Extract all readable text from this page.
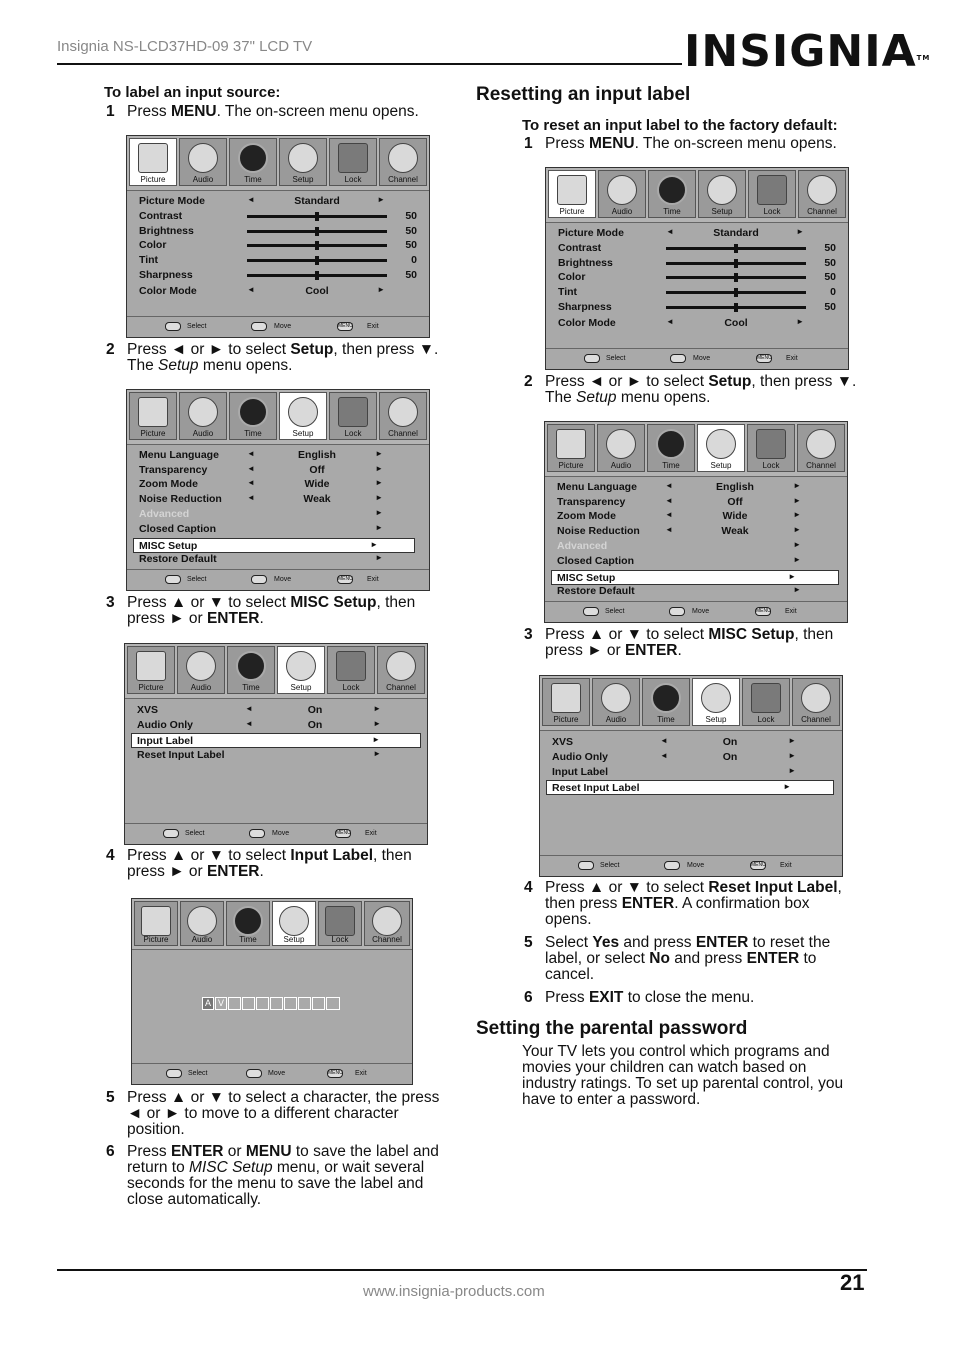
Insignia NS-LCD37HD-09 37" LCD TV	INSIGNIA™
To label an input source:
1 Press MENU. The on-screen menu opens.
Picture	Audio	Time	Setup	Lock	Channel
Picture Mode	◄	Standard	►
Contrast	50
Brightness	50
Color	50
Tint	0
Sharpness	50
Color Mode	◄	Cool	►
Select	Move	MENU Exit
2 Press ◄ or ► to select Setup, then press ▼.
The Setup menu opens.
Picture	Audio	Time	Setup	Lock	Channel
Menu Language	◄	English	►
Transparency	◄	Off	►
Zoom Mode	◄	Wide	►
Noise Reduction	◄	Weak	►
Advanced	►
Closed Caption	►
MISC Setup	►
Restore Default	►
Select	Move	MENU Exit
3 Press ▲ or ▼ to select MISC Setup, then
press ► or ENTER.
Picture	Audio	Time	Setup	Lock	Channel
XVS	◄	On	►
Audio Only	◄	On	►
Input Label	►
Reset Input Label	►
Select	Move	MENU Exit
4 Press ▲ or ▼ to select Input Label, then
press ► or ENTER.
Picture	Audio	Time	Setup	Lock	Channel
A V
Select	Move	MENU Exit
5 Press ▲ or ▼ to select a character, the press
◄ or ► to move to a different character
position.
6 Press ENTER or MENU to save the label and
return to MISC Setup menu, or wait several
seconds for the menu to save the label and
close automatically.
Resetting an input label
To reset an input label to the factory default:
1 Press MENU. The on-screen menu opens.
Picture	Audio	Time	Setup	Lock	Channel
Picture Mode	◄	Standard	►
Contrast	50
Brightness	50
Color	50
Tint	0
Sharpness	50
Color Mode	◄	Cool	►
Select	Move	MENU Exit
2 Press ◄ or ► to select Setup, then press ▼.
The Setup menu opens.
Picture	Audio	Time	Setup	Lock	Channel
Menu Language	◄	English	►
Transparency	◄	Off	►
Zoom Mode	◄	Wide	►
Noise Reduction	◄	Weak	►
Advanced	►
Closed Caption	►
MISC Setup	►
Restore Default	►
Select	Move	MENU Exit
3 Press ▲ or ▼ to select MISC Setup, then
press ► or ENTER.
Picture	Audio	Time	Setup	Lock	Channel
XVS	◄	On	►
Audio Only	◄	On	►
Input Label	►
Reset Input Label	►
Select	Move	MENU Exit
4 Press ▲ or ▼ to select Reset Input Label,
then press ENTER. A confirmation box
opens.
5 Select Yes and press ENTER to reset the
label, or select No and press ENTER to
cancel.
6 Press EXIT to close the menu.
Setting the parental password
Your TV lets you control which programs and
movies your children can watch based on
industry ratings. To set up parental control, you
have to enter a password.
www.insignia-products.com	21
